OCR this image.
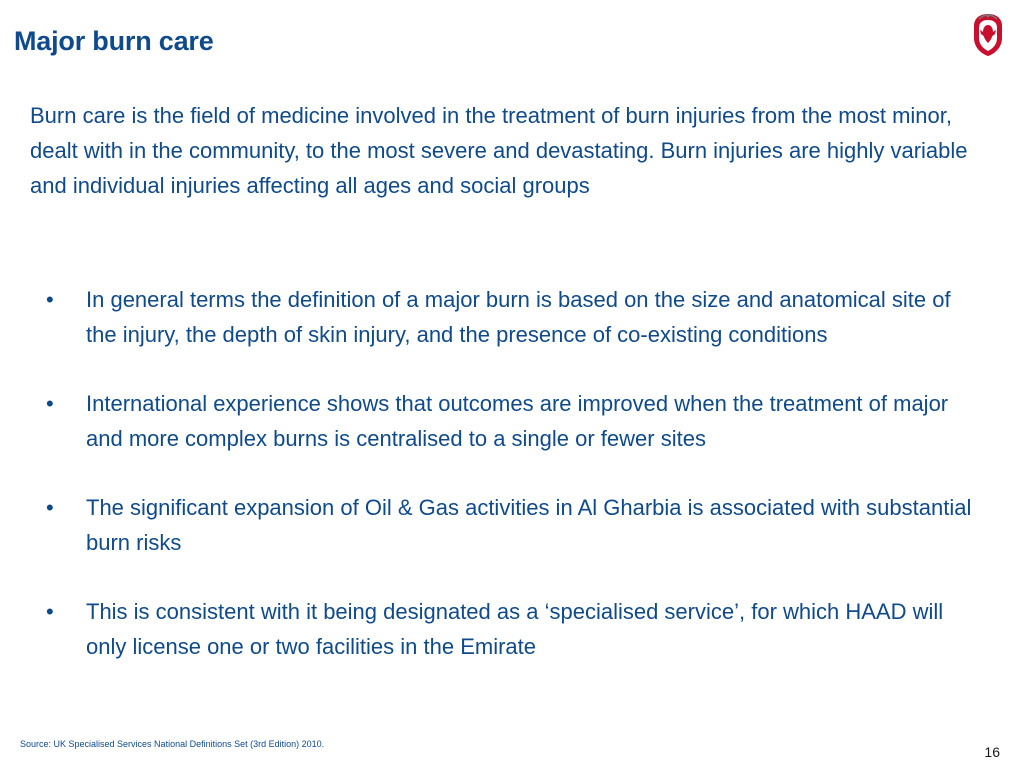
Major burn care

Burn care is the field of medicine involved in the treatment of burn injuries from the most minor, dealt with in the community, to the most severe and devastating. Burn injuries are highly variable and individual injuries affecting all ages and social groups

• In general terms the definition of a major burn is based on the size and anatomical site of the injury, the depth of skin injury, and the presence of co-existing conditions
• International experience shows that outcomes are improved when the treatment of major and more complex burns is centralised to a single or fewer sites
• The significant expansion of Oil & Gas activities in Al Gharbia is associated with substantial burn risks
• This is consistent with it being designated as a ‘specialised service’, for which HAAD will only license one or two facilities in the Emirate

Source: UK Specialised Services National Definitions Set (3rd Edition) 2010.	16
